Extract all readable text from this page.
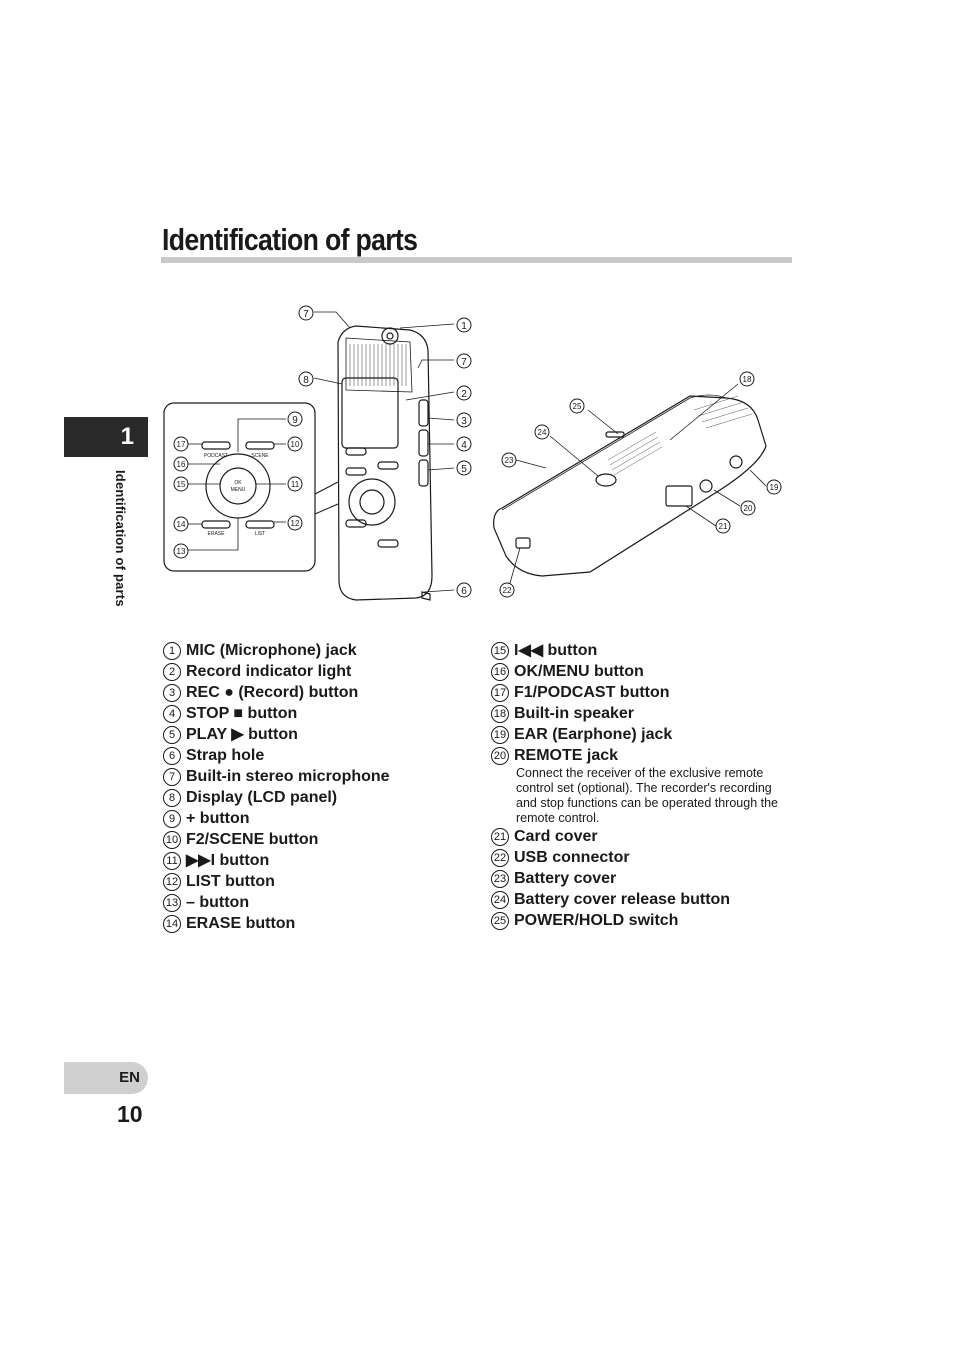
Identification of parts
1
Identification of parts
EN
10
PODCAST	SCENE
OK
MENU
ERASE	LIST
7
1
7
8
2
3
4
5
6
9
10
11
12
17
16
15
14
13
18
25
24
23
19
20
21
22
1 MIC (Microphone) jack
2 Record indicator light
3 REC ● (Record) button
4 STOP ■ button
5 PLAY ▶ button
6 Strap hole
7 Built-in stereo microphone
8 Display (LCD panel)
9 + button
10 F2/SCENE button
11 ▶▶I button
12 LIST button
13 – button
14 ERASE button
15 I◀◀ button
16 OK/MENU button
17 F1/PODCAST button
18 Built-in speaker
19 EAR (Earphone) jack
20 REMOTE jack
Connect the receiver of the exclusive remote control set (optional). The recorder's recording and stop functions can be operated through the remote control.
21 Card cover
22 USB connector
23 Battery cover
24 Battery cover release button
25 POWER/HOLD switch
